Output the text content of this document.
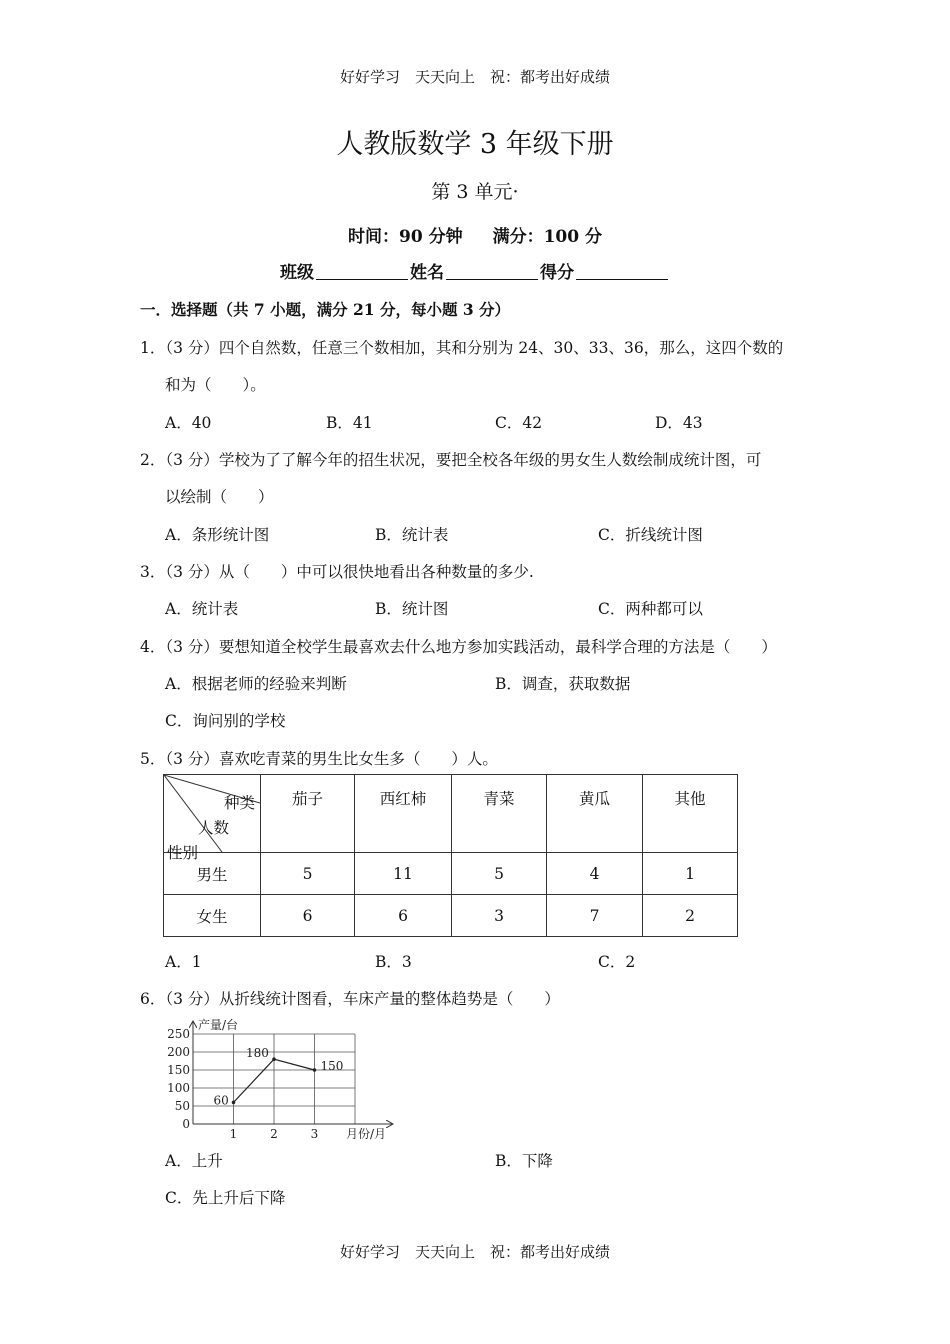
好好学习　天天向上　祝：都考出好成绩
人教版数学 3 年级下册
第 3 单元·
时间：90 分钟 满分：100 分
班级	姓名	得分
一．选择题（共 7 小题，满分 21 分，每小题 3 分）
1．（3 分）四个自然数，任意三个数相加，其和分别为 24、30、33、36，那么，这四个数的
和为（　　）。
A．40	B．41	C．42	D．43
2．（3 分）学校为了了解今年的招生状况，要把全校各年级的男女生人数绘制成统计图，可
以绘制（　　）
A．条形统计图	B．统计表	C．折线统计图
3．（3 分）从（　　）中可以很快地看出各种数量的多少.
A．统计表	B．统计图	C．两种都可以
4．（3 分）要想知道全校学生最喜欢去什么地方参加实践活动，最科学合理的方法是（　　）
A．根据老师的经验来判断	B．调查，获取数据
C．询问别的学校
5．（3 分）喜欢吃青菜的男生比女生多（　　）人。
种类
人数
性别	茄子	西红柿	青菜	黄瓜	其他
男生	5	11	5	4	1
女生	6	6	3	7	2
A．1	B．3	C．2
6．（3 分）从折线统计图看，车床产量的整体趋势是（　　）
250
200
150
100
50
0
1	2	3
产量/台
月份/月
60
180
150
A．上升	B．下降
C．先上升后下降
好好学习　天天向上　祝：都考出好成绩
